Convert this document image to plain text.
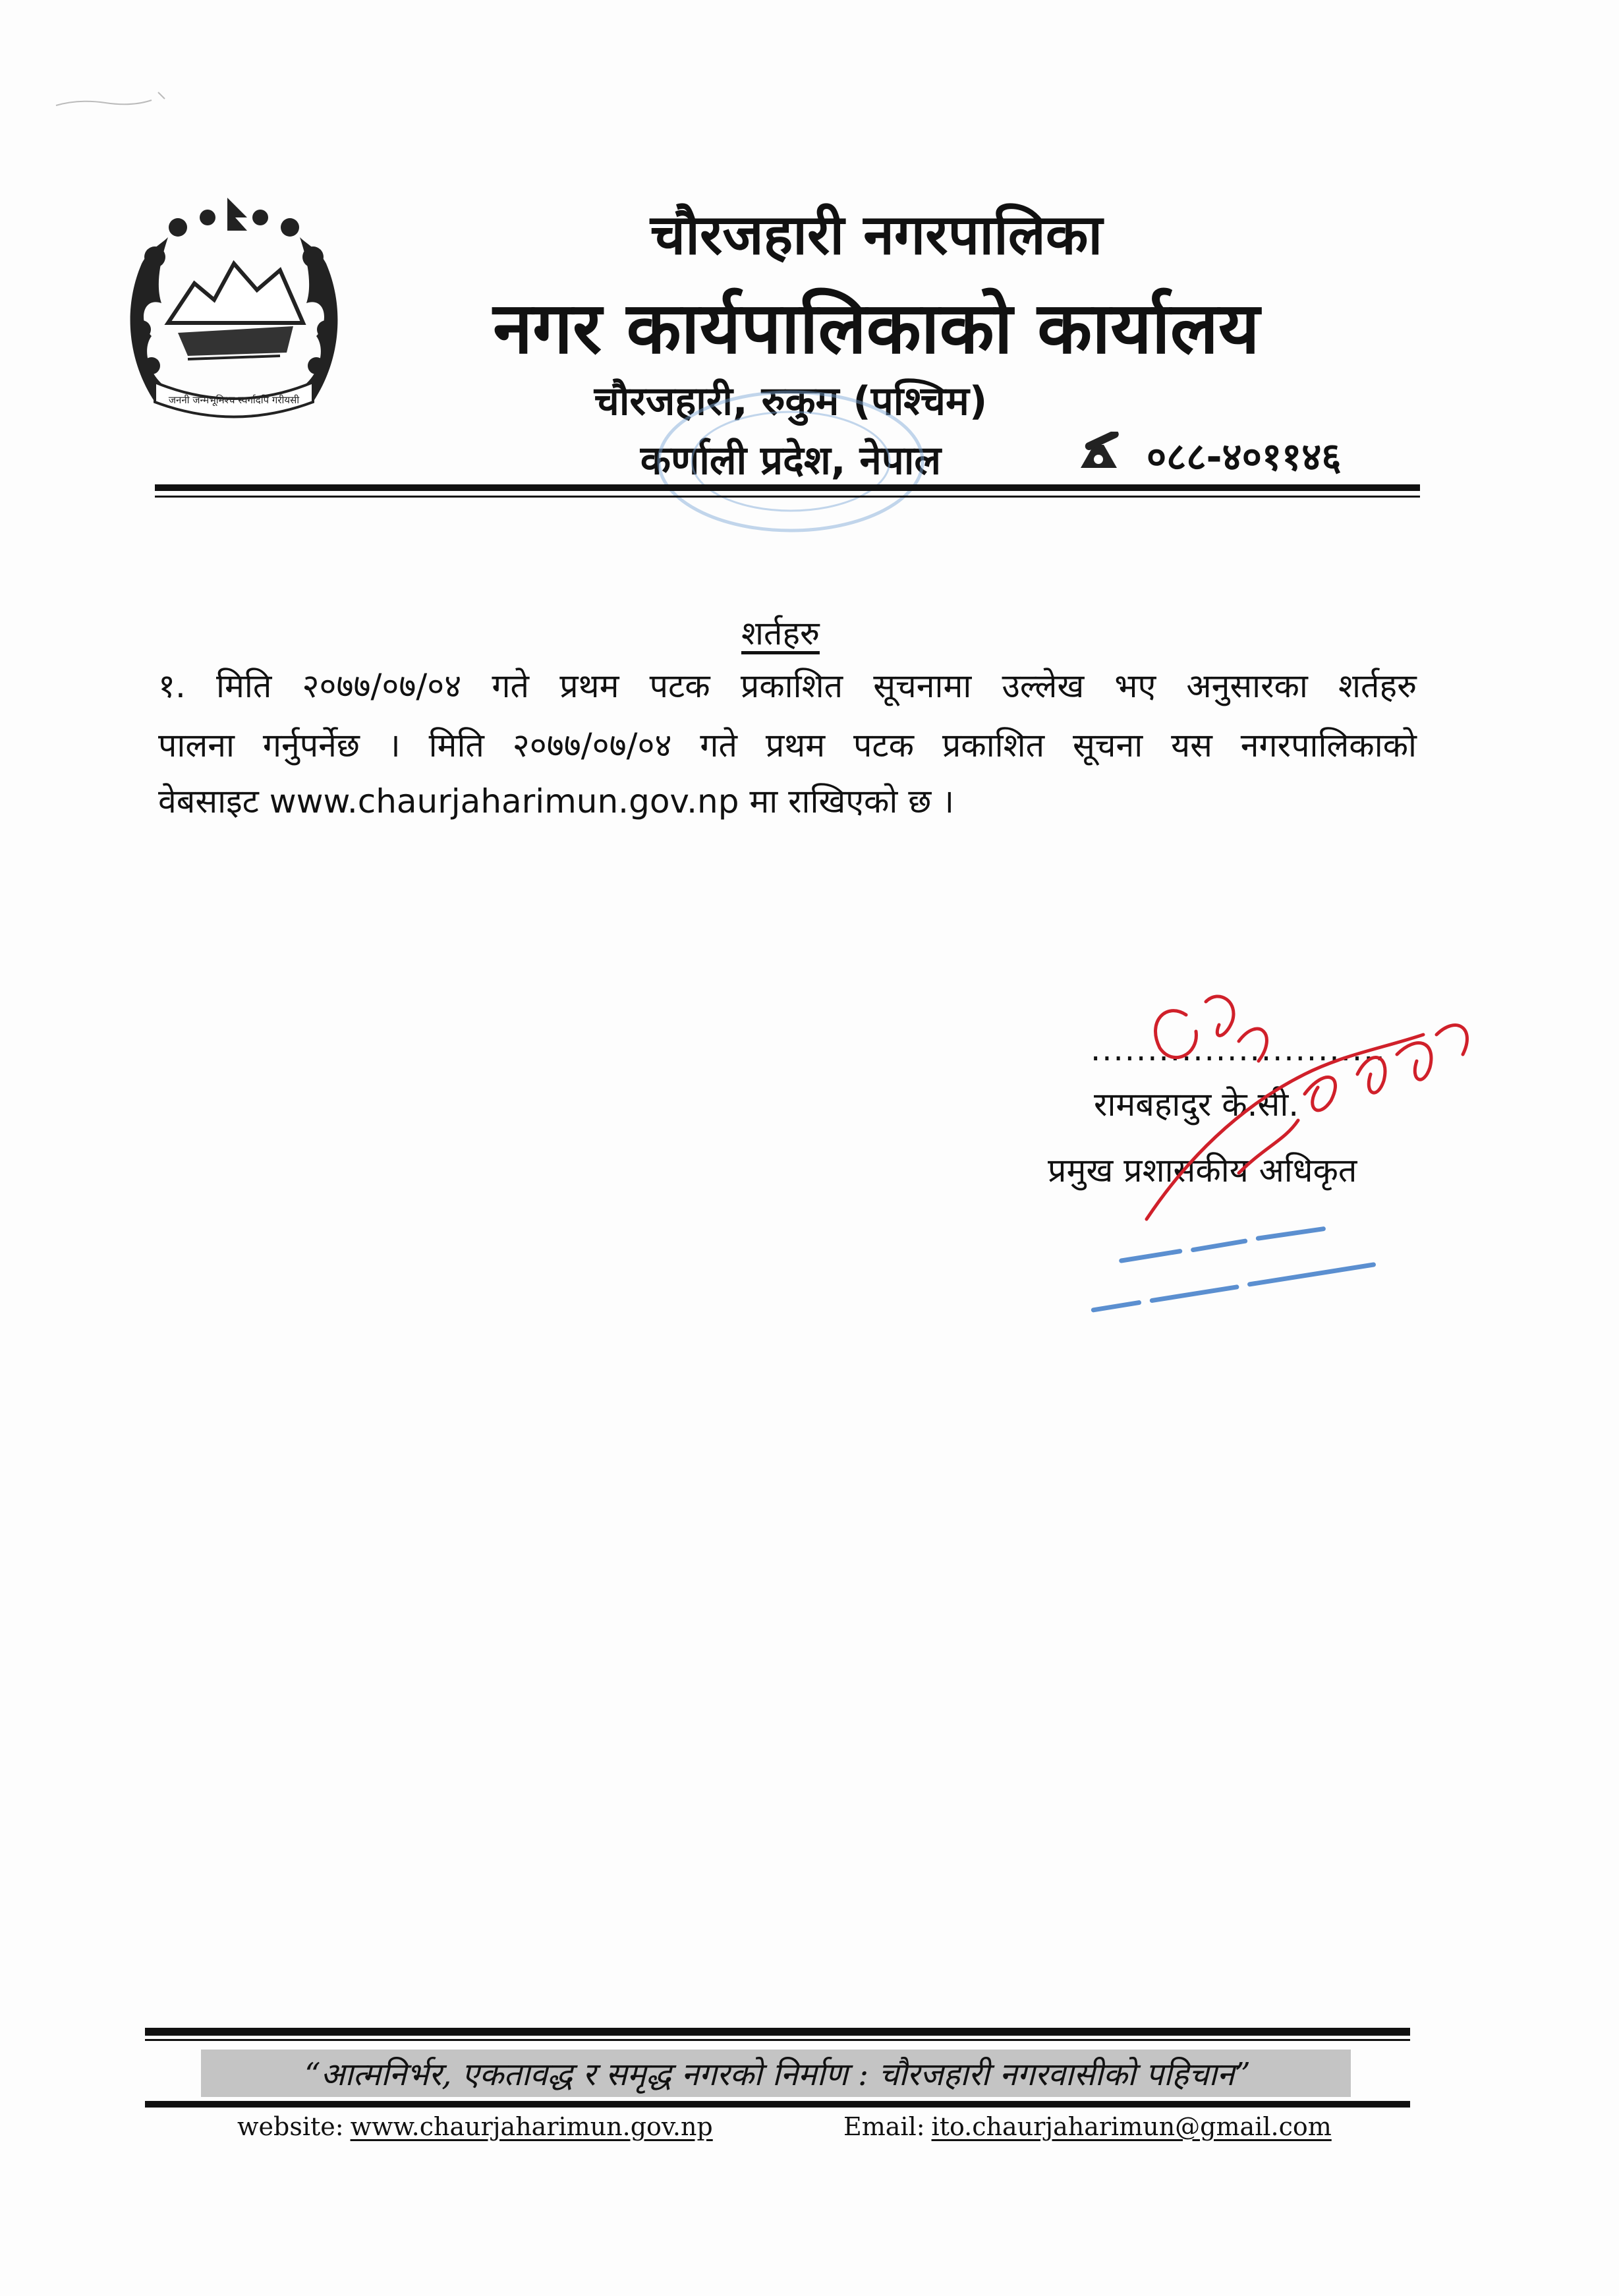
जननी जन्मभूमिश्च स्वर्गादपि गरीयसी
चौरजहारी नगरपालिका
नगर कार्यपालिकाको कार्यालय
चौरजहारी, रुकुम (पश्चिम)
कर्णाली प्रदेश, नेपाल	०८८-४०११४६
शर्तहरु
१. मिति २०७७/०७/०४ गते प्रथम पटक प्रकाशित सूचनामा उल्लेख भए अनुसारका शर्तहरु
पालना गर्नुपर्नेछ । मिति २०७७/०७/०४ गते प्रथम पटक प्रकाशित सूचना यस नगरपालिकाको
वेबसाइट www.chaurjaharimun.gov.np मा राखिएको छ ।
..........................
रामबहादुर के.सी.
प्रमुख प्रशासकीय अधिकृत
“आत्मनिर्भर, एकतावद्ध र समृद्ध नगरको निर्माण : चौरजहारी नगरवासीको पहिचान”
website: www.chaurjaharimun.gov.np	Email: ito.chaurjaharimun@gmail.com
